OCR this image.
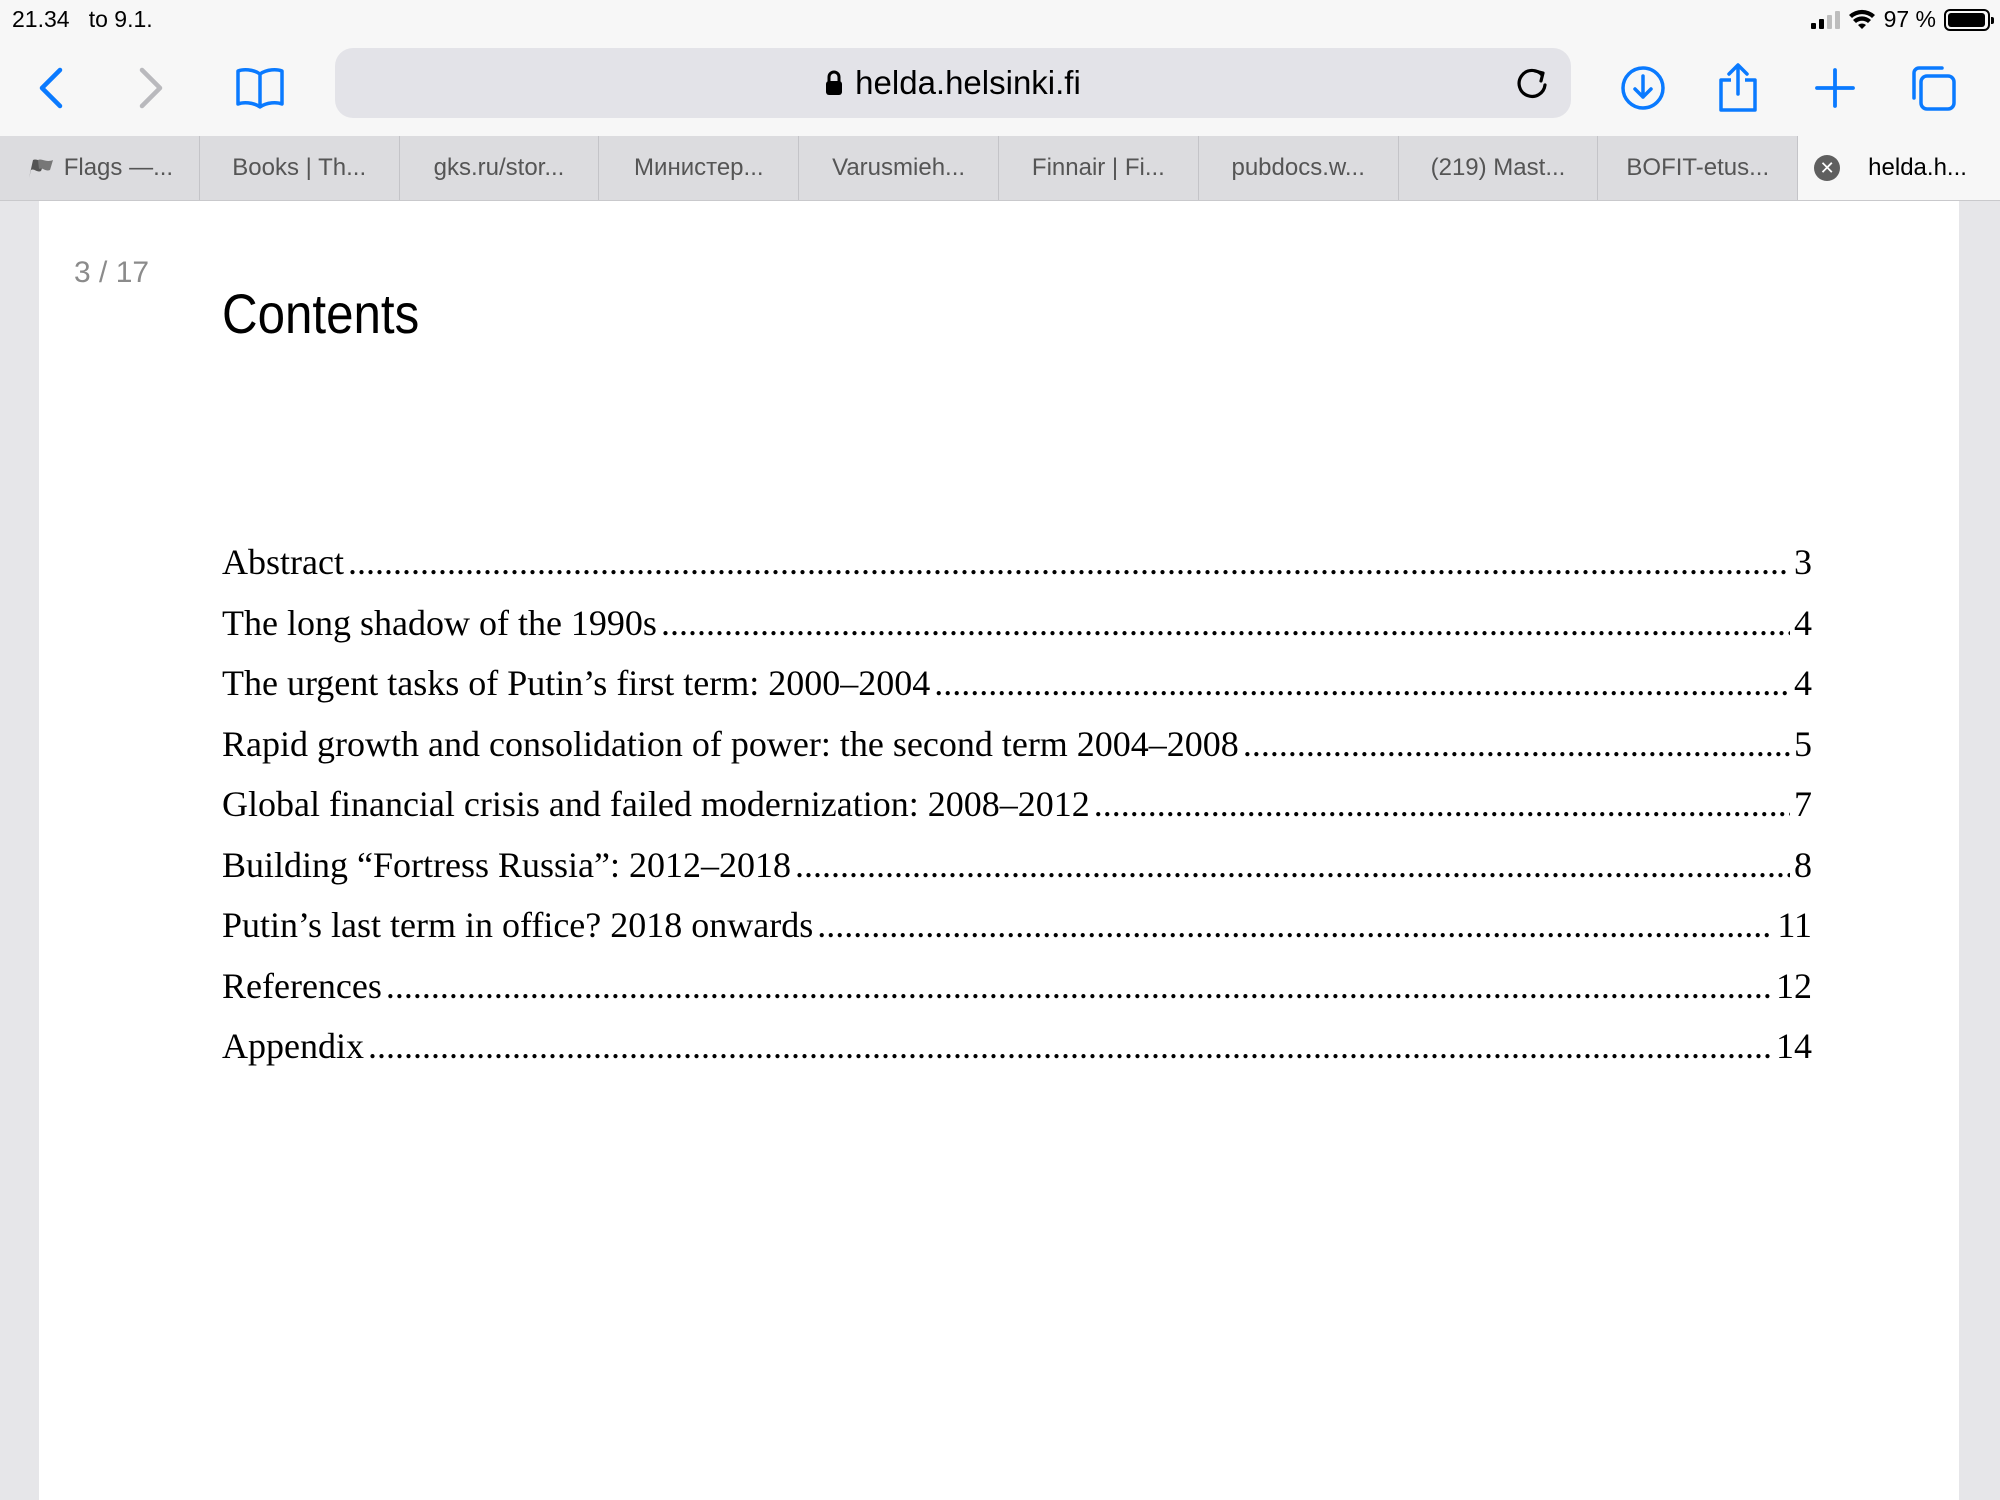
21.34 to 9.1.	97 %
helda.helsinki.fi
Flags —... Books | Th...	gks.ru/stor...	Министер...	Varusmieh...	Finnair | Fi...	pubdocs.w...	(219) Mast...	BOFIT-etus...	✕ helda.h...
3 / 17
Contents
Abstract .....	3
The long shadow of the 1990s .....	4
The urgent tasks of Putin’s first term: 2000–2004 .....	4
Rapid growth and consolidation of power: the second term 2004–2008 .....	5
Global financial crisis and failed modernization: 2008–2012 .....	7
Building “Fortress Russia”: 2012–2018 .....	8
Putin’s last term in office? 2018 onwards .....	11
References .....	12
Appendix .....	14
